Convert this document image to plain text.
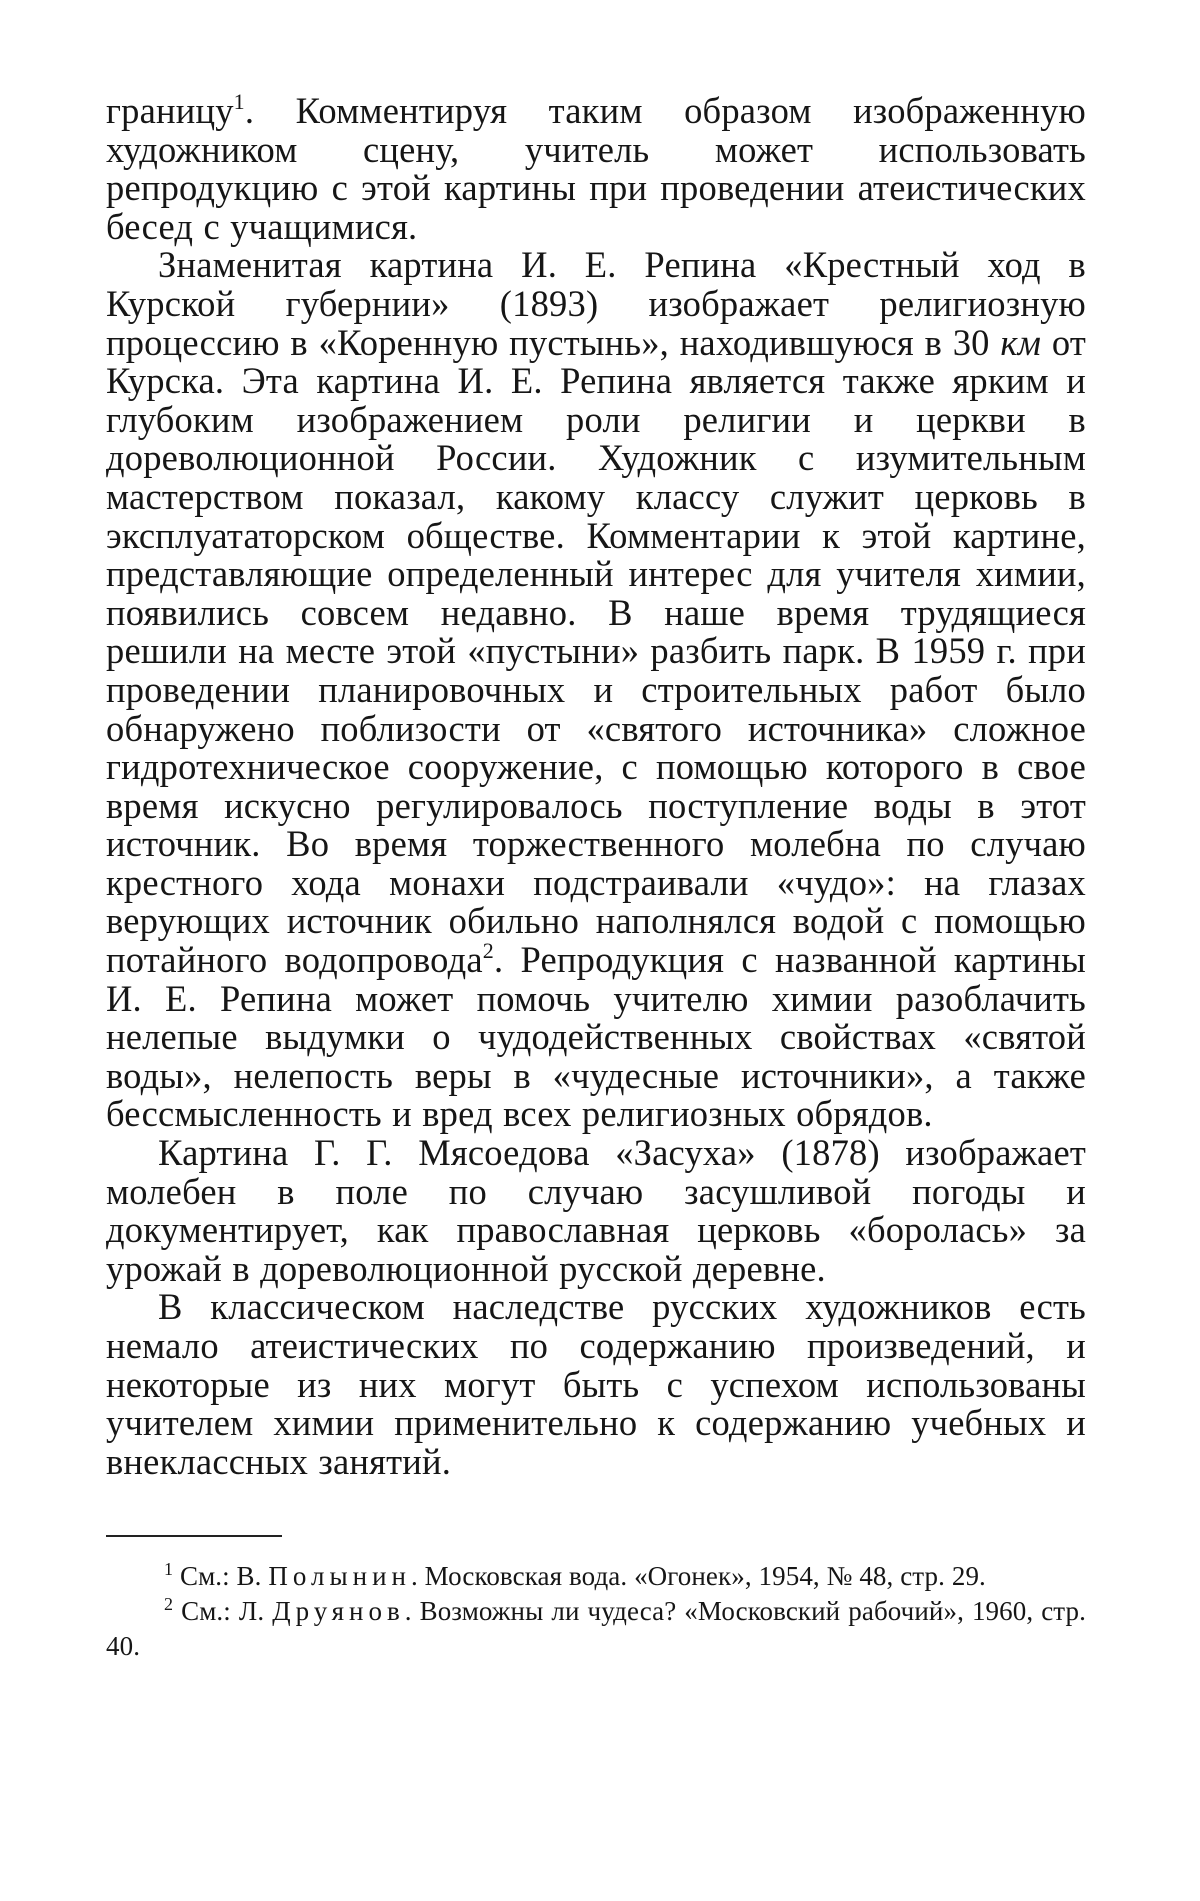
границу$^1$. Комментируя таким образом изображенную художником сцену, учитель может использовать репродукцию с этой картины при проведении атеистических бесед с учащимися.

Знаменитая картина И. Е. Репина «Крестный ход в Курской губернии» (1893) изображает религиозную процессию в «Коренную пустынь», находившуюся в 30 км от Курска. Эта картина И. Е. Репина является также ярким и глубоким изображением роли религии и церкви в дореволюционной России. Художник с изумительным мастерством показал, какому классу служит церковь в эксплуататорском обществе. Комментарии к этой картине, представляющие определенный интерес для учителя химии, появились совсем недавно. В наше время трудящиеся решили на месте этой «пустыни» разбить парк. В 1959 г. при проведении планировочных и строительных работ было обнаружено поблизости от «святого источника» сложное гидротехническое сооружение, с помощью которого в свое время искусно регулировалось поступление воды в этот источник. Во время торжественного молебна по случаю крестного хода монахи подстраивали «чудо»: на глазах верующих источник обильно наполнялся водой с помощью потайного водопровода$^2$. Репродукция с названной картины И. Е. Репина может помочь учителю химии разоблачить нелепые выдумки о чудодейственных свойствах «святой воды», нелепость веры в «чудесные источники», а также бессмысленность и вред всех религиозных обрядов.

Картина Г. Г. Мясоедова «Засуха» (1878) изображает молебен в поле по случаю засушливой погоды и документирует, как православная церковь «боролась» за урожай в дореволюционной русской деревне.

В классическом наследстве русских художников есть немало атеистических по содержанию произведений, и некоторые из них могут быть с успехом использованы учителем химии применительно к содержанию учебных и внеклассных занятий.

$^1$ См.: В. Полынин. Московская вода. «Огонек», 1954, № 48, стр. 29.

$^2$ См.: Л. Друянов. Возможны ли чудеса? «Московский рабочий», 1960, стр. 40.
